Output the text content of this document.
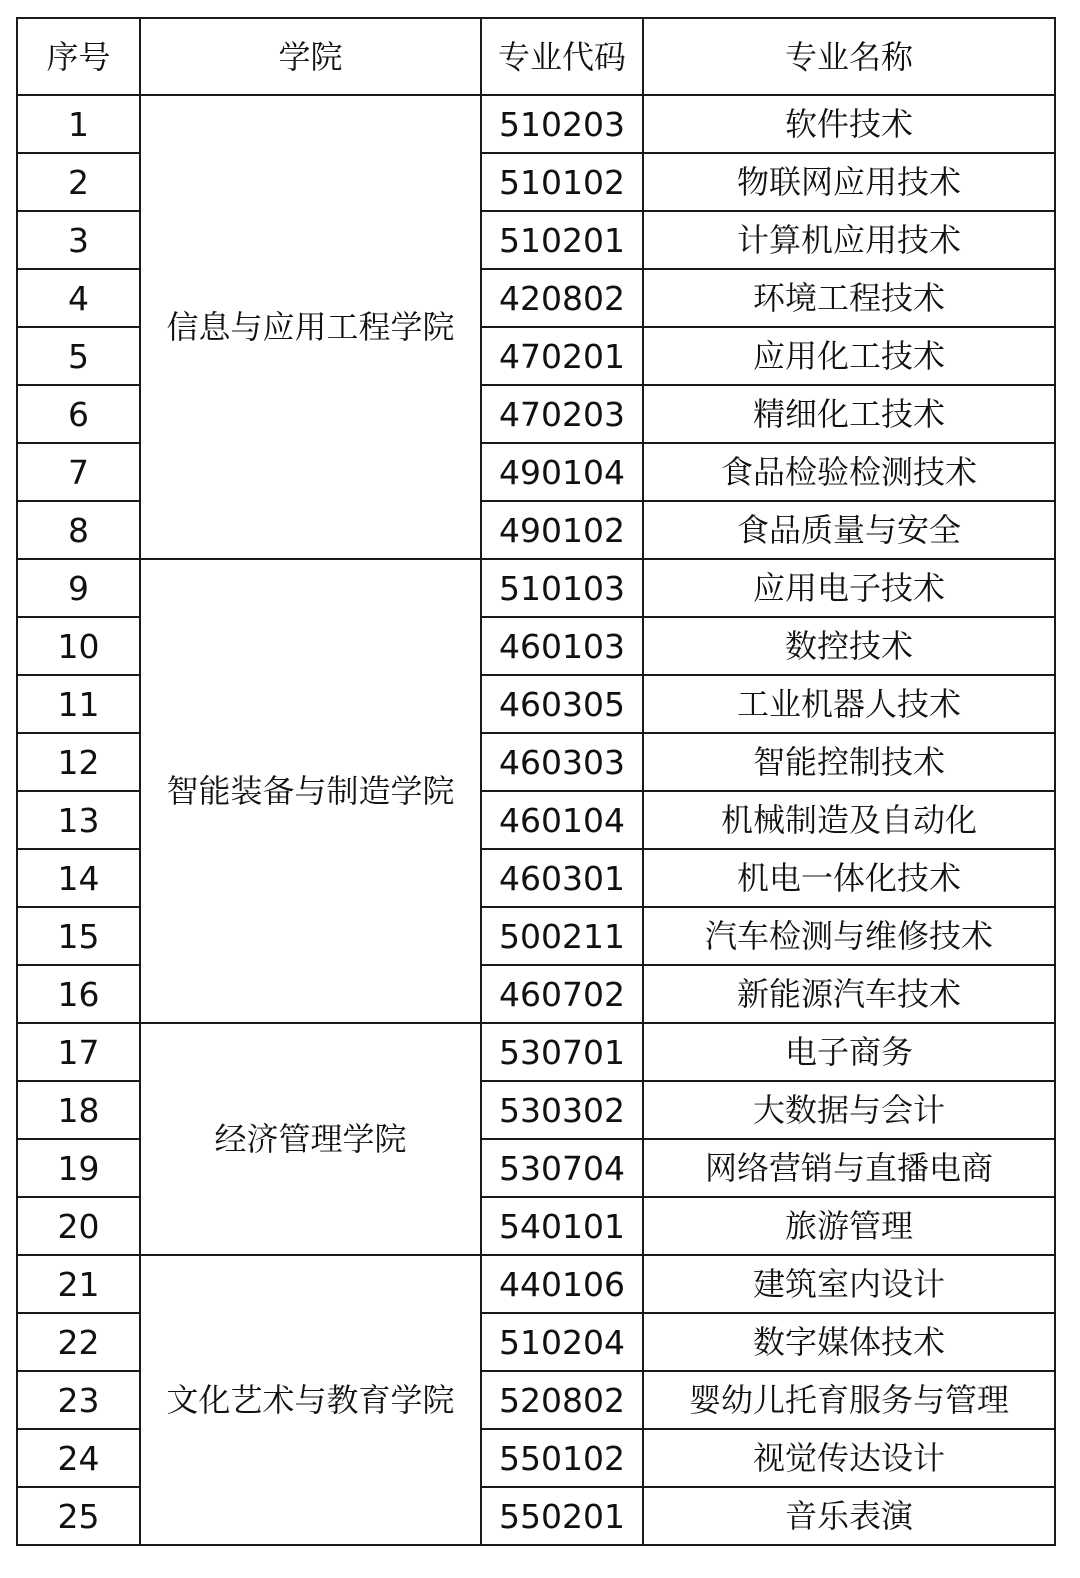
序号	学院	专业代码	专业名称
1	信息与应用工程学院	510203	软件技术
2		510102	物联网应用技术
3		510201	计算机应用技术
4		420802	环境工程技术
5		470201	应用化工技术
6		470203	精细化工技术
7		490104	食品检验检测技术
8		490102	食品质量与安全
9	智能装备与制造学院	510103	应用电子技术
10		460103	数控技术
11		460305	工业机器人技术
12		460303	智能控制技术
13		460104	机械制造及自动化
14		460301	机电一体化技术
15		500211	汽车检测与维修技术
16		460702	新能源汽车技术
17	经济管理学院	530701	电子商务
18		530302	大数据与会计
19		530704	网络营销与直播电商
20		540101	旅游管理
21	文化艺术与教育学院	440106	建筑室内设计
22		510204	数字媒体技术
23		520802	婴幼儿托育服务与管理
24		550102	视觉传达设计
25		550201	音乐表演
